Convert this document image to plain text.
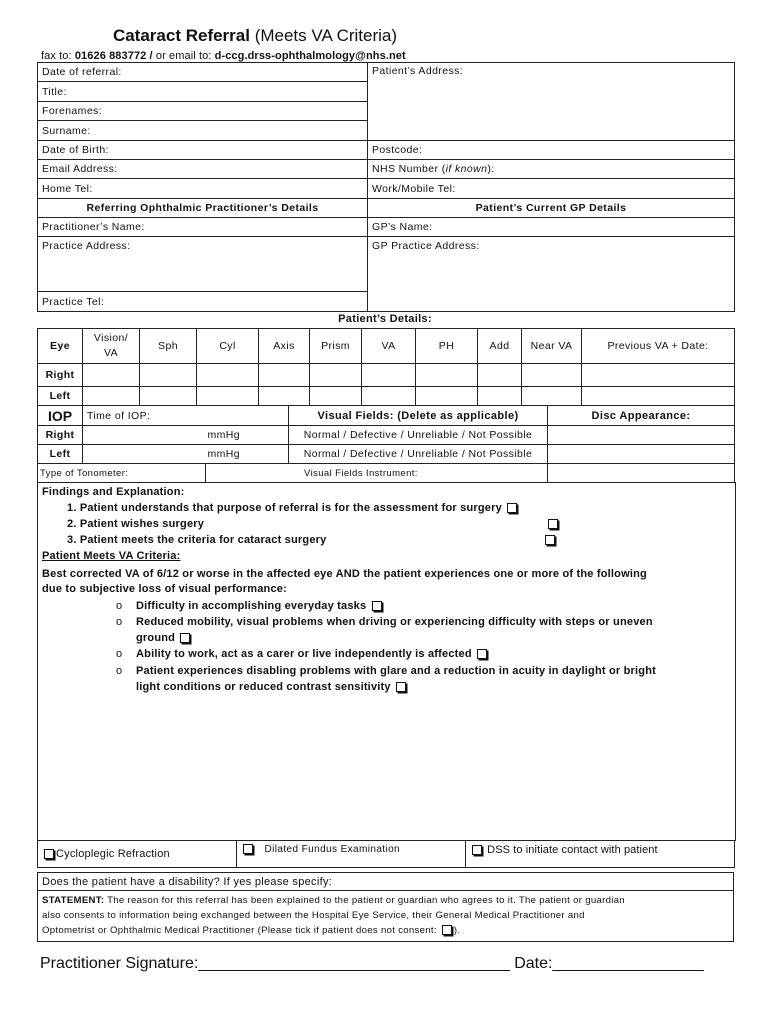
Cataract Referral (Meets VA Criteria)
fax to: 01626 883772 / or email to: d-ccg.drss-ophthalmology@nhs.net
Date of referral:	Patient’s Address:
Title:	
Forenames:	
Surname:	
Date of Birth:	Postcode:
Email Address:	NHS Number (if known):
Home Tel:	Work/Mobile Tel:
Referring Ophthalmic Practitioner’s Details	Patient’s Current GP Details
Practitioner’s Name:	GP’s Name:
Practice Address:	GP Practice Address:
Practice Tel:	
Patient’s Details:
Eye	Vision/ VA	Sph	Cyl	Axis	Prism	VA	PH	Add	Near VA	Previous VA + Date:
Right										
Left										
IOP	Time of IOP:		Visual Fields: (Delete as applicable)	Disc Appearance:
Right	mmHg		Normal / Defective / Unreliable / Not Possible	
Left	mmHg		Normal / Defective / Unreliable / Not Possible	
Type of Tonometer:		Visual Fields Instrument:		
Findings and Explanation:
1. Patient understands that purpose of referral is for the assessment for surgery
2. Patient wishes surgery
3. Patient meets the criteria for cataract surgery
Patient Meets VA Criteria:
Best corrected VA of 6/12 or worse in the affected eye AND the patient experiences one or more of the following
due to subjective loss of visual performance:
o Difficulty in accomplishing everyday tasks
o Reduced mobility, visual problems when driving or experiencing difficulty with steps or uneven
ground
o Ability to work, act as a carer or live independently is affected
o Patient experiences disabling problems with glare and a reduction in acuity in daylight or bright
light conditions or reduced contrast sensitivity
Cycloplegic Refraction	Dilated Fundus Examination	DSS to initiate contact with patient
Does the patient have a disability? If yes please specify:
STATEMENT: The reason for this referral has been explained to the patient or guardian who agrees to it. The patient or guardian
also consents to information being exchanged between the Hospital Eye Service, their General Medical Practitioner and
Optometrist or Ophthalmic Medical Practitioner (Please tick if patient does not consent: ).
Practitioner Signature:___________________________________ Date:_________________
